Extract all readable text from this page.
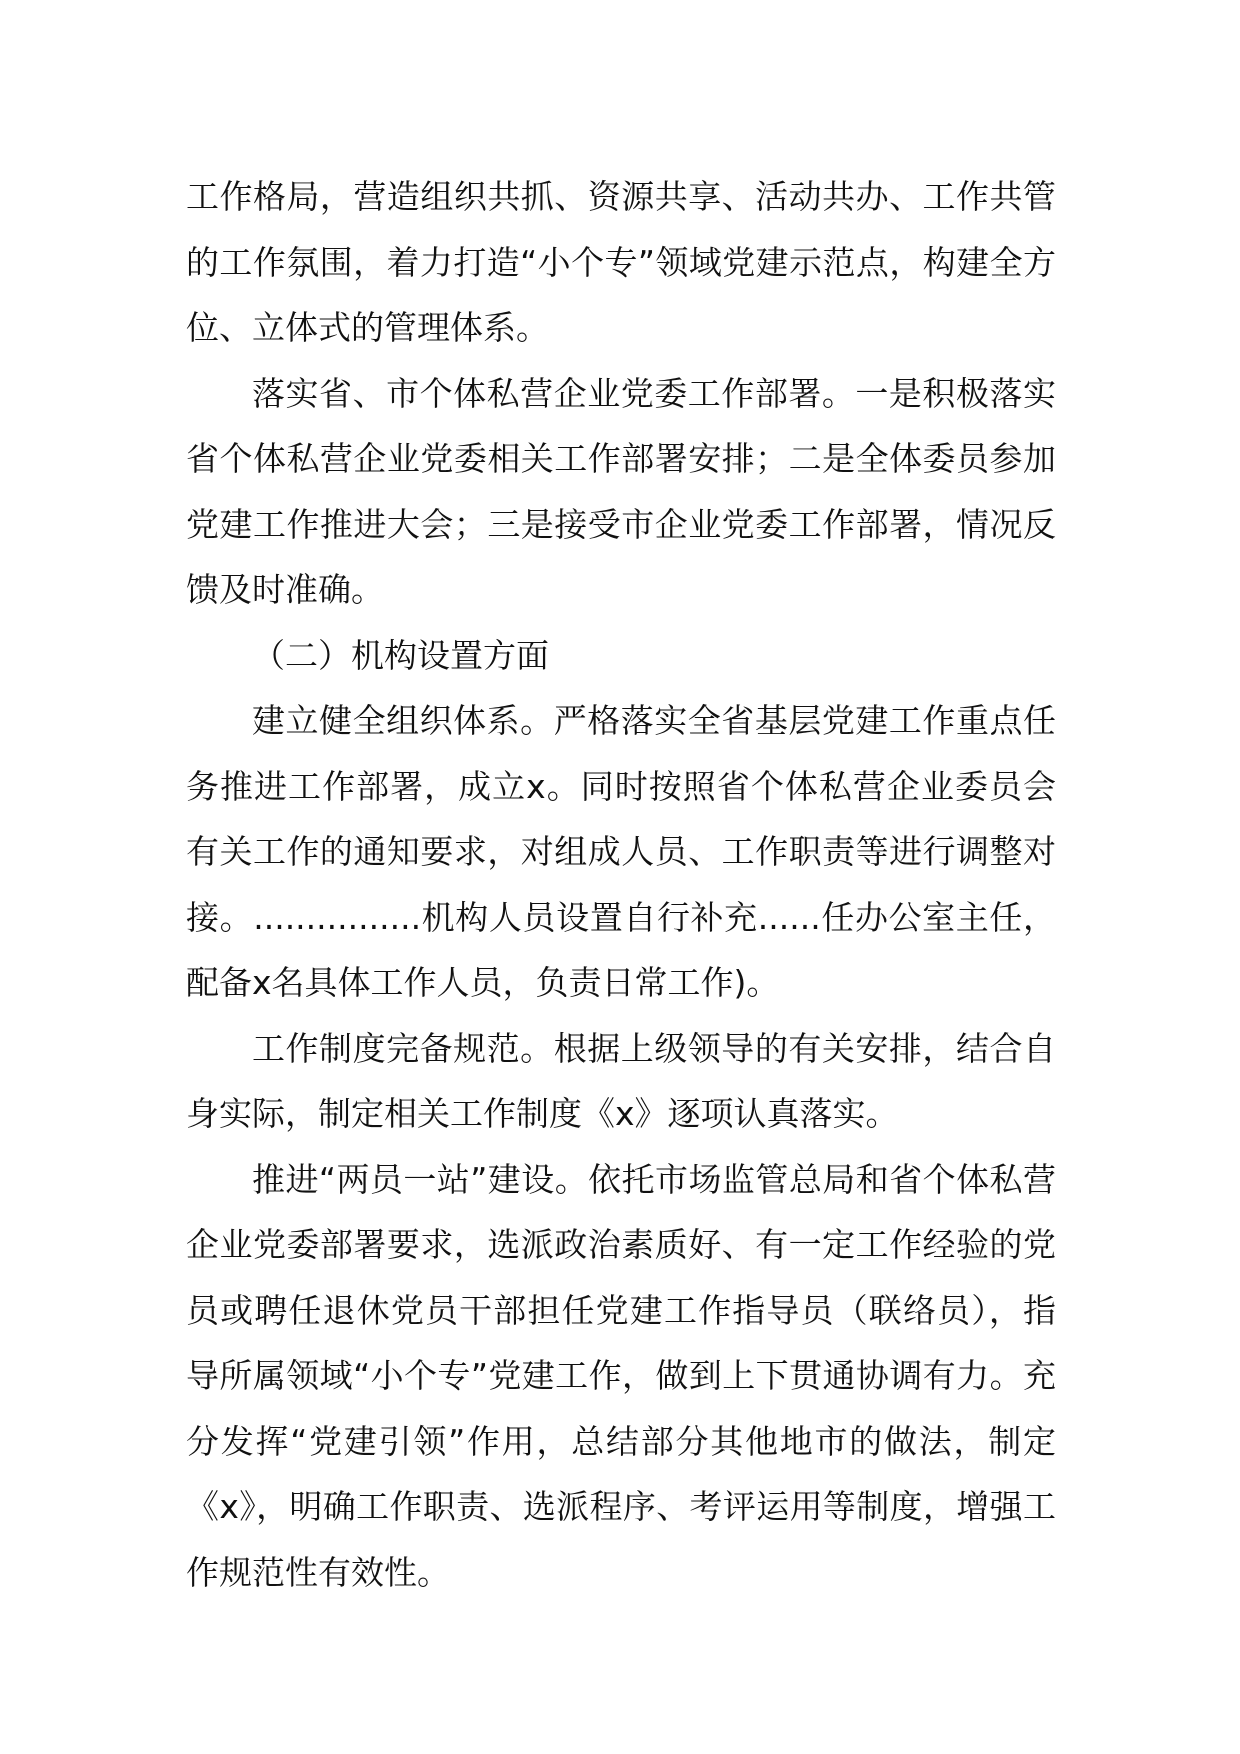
工作格局，营造组织共抓、资源共享、活动共办、工作共管的工作氛围，着力打造“小个专”领域党建示范点，构建全方位、立体式的管理体系。

落实省、市个体私营企业党委工作部署。一是积极落实省个体私营企业党委相关工作部署安排；二是全体委员参加党建工作推进大会；三是接受市企业党委工作部署，情况反馈及时准确。

（二）机构设置方面

建立健全组织体系。严格落实全省基层党建工作重点任务推进工作部署，成立x。同时按照省个体私营企业委员会有关工作的通知要求，对组成人员、工作职责等进行调整对接。................机构人员设置自行补充......任办公室主任，配备x名具体工作人员，负责日常工作)。

工作制度完备规范。根据上级领导的有关安排，结合自身实际，制定相关工作制度《x》逐项认真落实。

推进“两员一站”建设。依托市场监管总局和省个体私营企业党委部署要求，选派政治素质好、有一定工作经验的党员或聘任退休党员干部担任党建工作指导员（联络员），指导所属领域“小个专”党建工作，做到上下贯通协调有力。充分发挥“党建引领”作用，总结部分其他地市的做法，制定《x》，明确工作职责、选派程序、考评运用等制度，增强工作规范性有效性。
